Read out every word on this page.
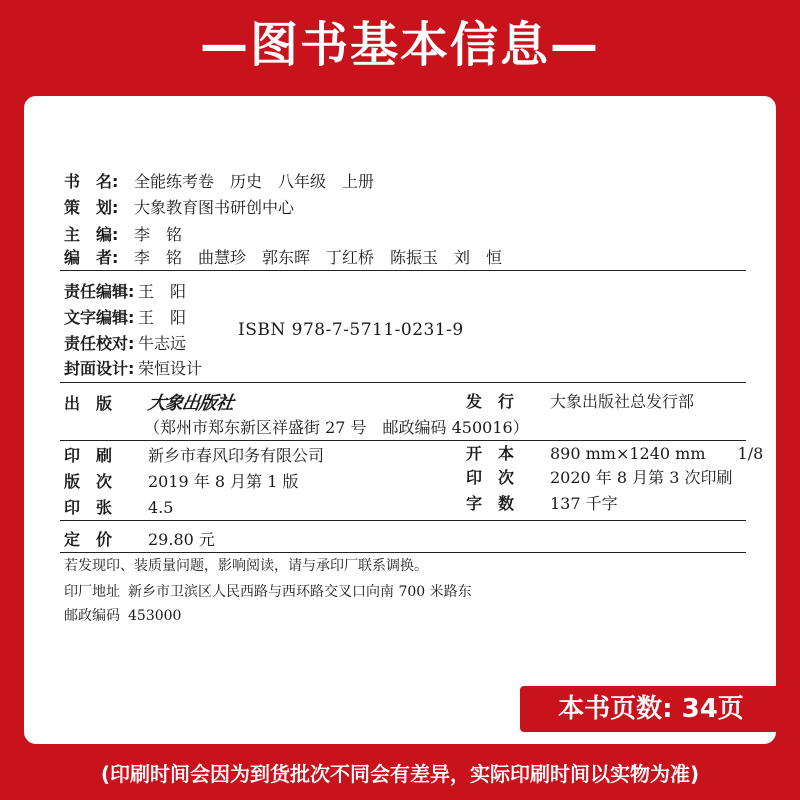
—图书基本信息—
书　名: 全能练考卷　历史　八年级　上册
策　划: 大象教育图书研创中心
主　编: 李　铭
编　者: 李　铭　曲慧珍　郭东晖　丁红桥　陈振玉　刘　恒
责任编辑: 王　阳
文字编辑: 王　阳
ISBN 978-7-5711-0231-9
责任校对: 牛志远
封面设计: 荣恒设计
出　版 大象出版社	发　行 大象出版社总发行部
（郑州市郑东新区祥盛街 27 号　邮政编码 450016）
印　刷 新乡市春风印务有限公司	开　本 890 mm×1240 mm　　1/8
版　次 2019 年 8 月第 1 版	印　次 2020 年 8 月第 3 次印刷
印　张 4.5	字　数 137 千字
定　价 29.80 元
若发现印、装质量问题，影响阅读，请与承印厂联系调换。
印厂地址 新乡市卫滨区人民西路与西环路交叉口向南 700 米路东
邮政编码 453000
本书页数: 34页
(印刷时间会因为到货批次不同会有差异，实际印刷时间以实物为准)
